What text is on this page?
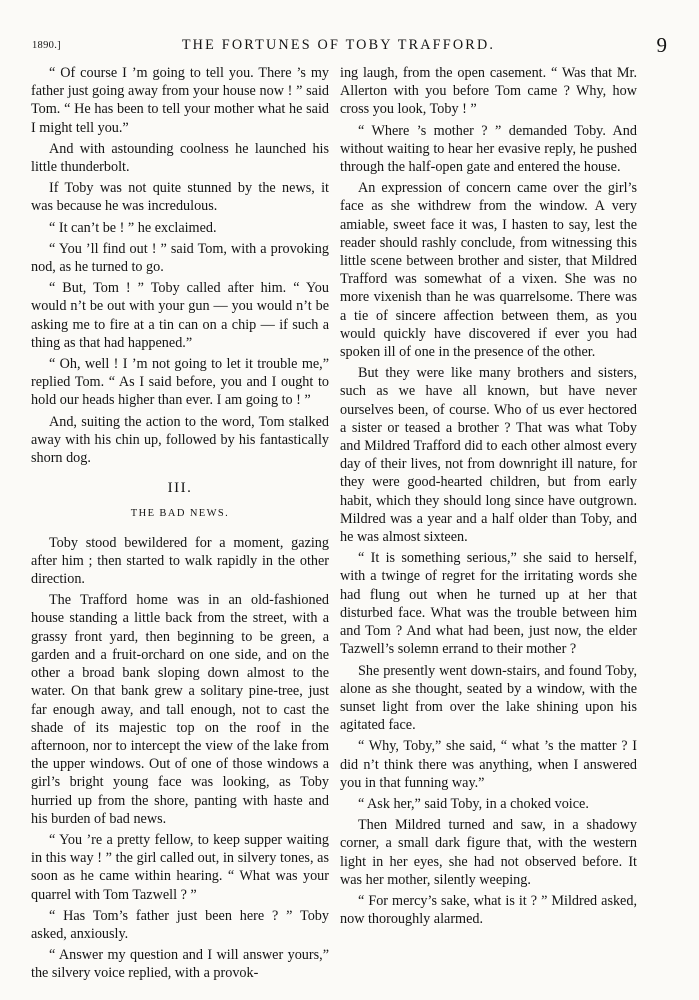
1890.]	THE FORTUNES OF TOBY TRAFFORD.	9

“ Of course I ’m going to tell you. There ’s my father just going away from your house now ! ” said Tom. “ He has been to tell your mother what he said I might tell you.”

And with astounding coolness he launched his little thunderbolt.

If Toby was not quite stunned by the news, it was because he was incredulous.

“ It can’t be ! ” he exclaimed.

“ You ’ll find out ! ” said Tom, with a provoking nod, as he turned to go.

“ But, Tom ! ” Toby called after him. “ You would n’t be out with your gun — you would n’t be asking me to fire at a tin can on a chip — if such a thing as that had happened.”

“ Oh, well ! I ’m not going to let it trouble me,” replied Tom. “ As I said before, you and I ought to hold our heads higher than ever. I am going to ! ”

And, suiting the action to the word, Tom stalked away with his chin up, followed by his fantastically shorn dog.

III.
THE BAD NEWS.

Toby stood bewildered for a moment, gazing after him ; then started to walk rapidly in the other direction.

The Trafford home was in an old-fashioned house standing a little back from the street, with a grassy front yard, then beginning to be green, a garden and a fruit-orchard on one side, and on the other a broad bank sloping down almost to the water. On that bank grew a solitary pine-tree, just far enough away, and tall enough, not to cast the shade of its majestic top on the roof in the afternoon, nor to intercept the view of the lake from the upper windows. Out of one of those windows a girl’s bright young face was looking, as Toby hurried up from the shore, panting with haste and his burden of bad news.

“ You ’re a pretty fellow, to keep supper waiting in this way ! ” the girl called out, in silvery tones, as soon as he came within hearing. “ What was your quarrel with Tom Tazwell ? ”

“ Has Tom’s father just been here ? ” Toby asked, anxiously.

“ Answer my question and I will answer yours,” the silvery voice replied, with a provok-

ing laugh, from the open casement. “ Was that Mr. Allerton with you before Tom came ? Why, how cross you look, Toby ! ”

“ Where ’s mother ? ” demanded Toby. And without waiting to hear her evasive reply, he pushed through the half-open gate and entered the house.

An expression of concern came over the girl’s face as she withdrew from the window. A very amiable, sweet face it was, I hasten to say, lest the reader should rashly conclude, from witnessing this little scene between brother and sister, that Mildred Trafford was somewhat of a vixen. She was no more vixenish than he was quarrelsome. There was a tie of sincere affection between them, as you would quickly have discovered if ever you had spoken ill of one in the presence of the other.

But they were like many brothers and sisters, such as we have all known, but have never ourselves been, of course. Who of us ever hectored a sister or teased a brother ? That was what Toby and Mildred Trafford did to each other almost every day of their lives, not from downright ill nature, for they were good-hearted children, but from early habit, which they should long since have outgrown. Mildred was a year and a half older than Toby, and he was almost sixteen.

“ It is something serious,” she said to herself, with a twinge of regret for the irritating words she had flung out when he turned up at her that disturbed face. What was the trouble between him and Tom ? And what had been, just now, the elder Tazwell’s solemn errand to their mother ?

She presently went down-stairs, and found Toby, alone as she thought, seated by a window, with the sunset light from over the lake shining upon his agitated face.

“ Why, Toby,” she said, “ what ’s the matter ? I did n’t think there was anything, when I answered you in that funning way.”

“ Ask her,” said Toby, in a choked voice.

Then Mildred turned and saw, in a shadowy corner, a small dark figure that, with the western light in her eyes, she had not observed before. It was her mother, silently weeping.

“ For mercy’s sake, what is it ? ” Mildred asked, now thoroughly alarmed.
